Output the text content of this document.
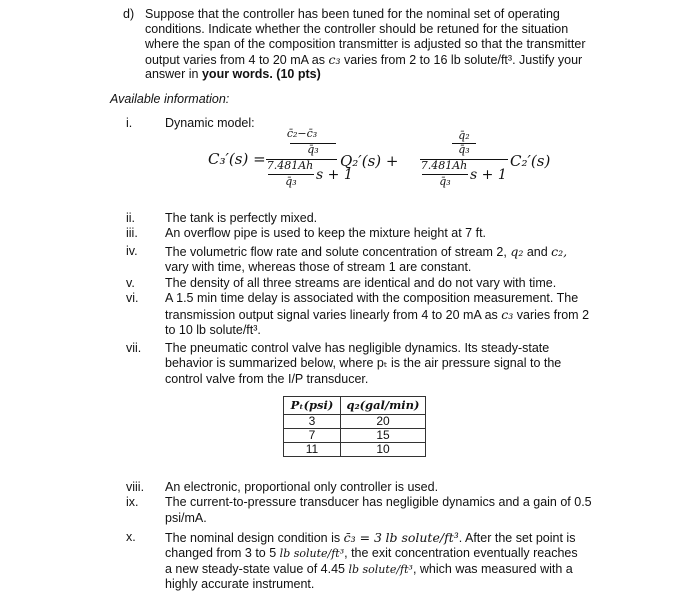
d) Suppose that the controller has been tuned for the nominal set of operating
conditions. Indicate whether the controller should be retuned for the situation
where the span of the composition transmitter is adjusted so that the transmitter
output varies from 4 to 20 mA as c₃ varies from 2 to 16 lb solute/ft³. Justify your
answer in your words. (10 pts)
Available information:
i.	Dynamic model:
C₃′(s) =
c̄₂−c̄₃
q̄₃
7.481Ah
q̄₃	s + 1
Q₂′(s) +
q̄₂
q̄₃
7.481Ah
q̄₃	s + 1
C₂′(s)
ii. The tank is perfectly mixed.
iii. An overflow pipe is used to keep the mixture height at 7 ft.
iv. The volumetric flow rate and solute concentration of stream 2, q₂ and c₂,
vary with time, whereas those of stream 1 are constant.
v. The density of all three streams are identical and do not vary with time.
vi. A 1.5 min time delay is associated with the composition measurement. The
transmission output signal varies linearly from 4 to 20 mA as c₃ varies from 2
to 10 lb solute/ft³.
vii. The pneumatic control valve has negligible dynamics. Its steady-state
behavior is summarized below, where pₜ is the air pressure signal to the
control valve from the I/P transducer.
Pₜ(psi)	q₂(gal/min)
3	20
7	15
11	10
viii. An electronic, proportional only controller is used.
ix. The current-to-pressure transducer has negligible dynamics and a gain of 0.5
psi/mA.
x. The nominal design condition is c̄₃ = 3 lb solute/ft³. After the set point is
changed from 3 to 5 lb solute/ft³, the exit concentration eventually reaches
a new steady-state value of 4.45 lb solute/ft³, which was measured with a
highly accurate instrument.
